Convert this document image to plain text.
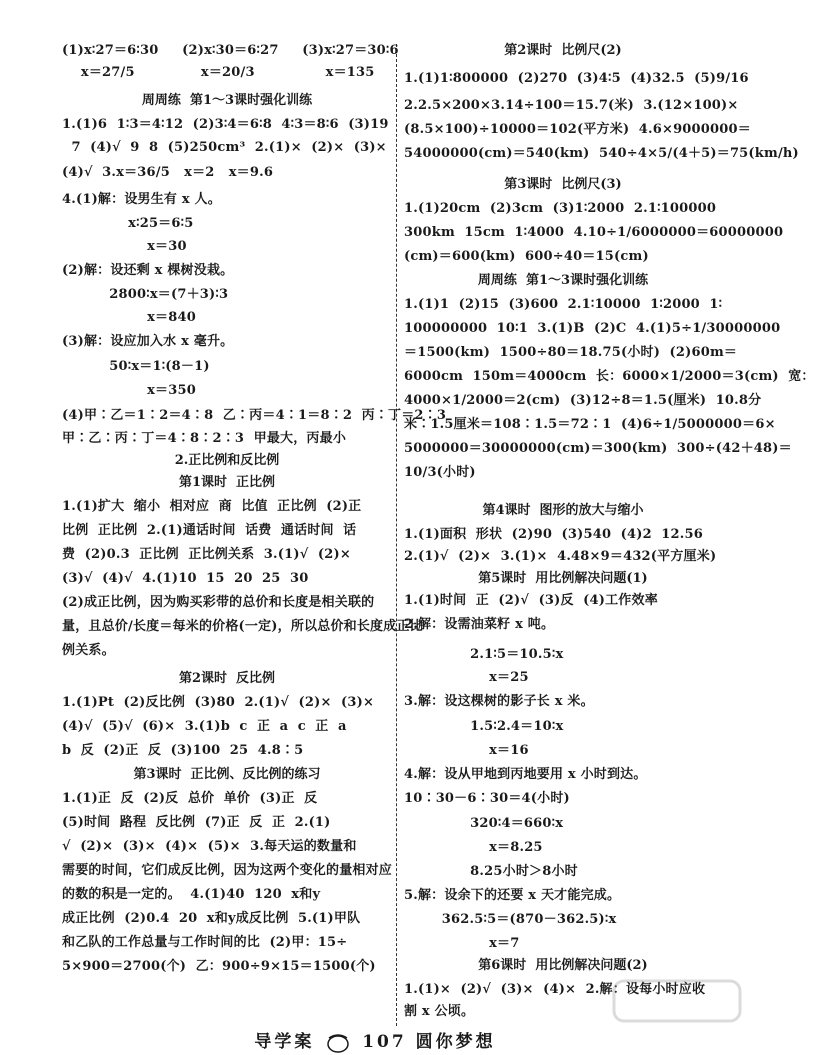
(1)x∶27＝6∶30     (2)x∶30＝6∶27     (3)x∶27＝30∶6
x＝27/5              x＝20/3               x＝135
周周练  第1～3课时强化训练
1.(1)6  1∶3＝4∶12  (2)3∶4＝6∶8  4∶3＝8∶6  (3)19
7  (4)√  9  8  (5)250cm³  2.(1)×  (2)×  (3)×
(4)√  3.x＝36/5   x＝2   x＝9.6
4.(1)解：设男生有 x 人。
x∶25＝6∶5
x＝30
(2)解：设还剩 x 棵树没栽。
2800∶x＝(7＋3)∶3
x＝840
(3)解：设应加入水 x 毫升。
50∶x＝1∶(8－1)
x＝350
(4)甲∶乙＝1∶2＝4∶8  乙∶丙＝4∶1＝8∶2  丙∶丁＝2∶3
甲∶乙∶丙∶丁＝4∶8∶2∶3  甲最大，丙最小
2.正比例和反比例
第1课时  正比例
1.(1)扩大  缩小  相对应  商  比值  正比例  (2)正
比例  正比例  2.(1)通话时间  话费  通话时间  话
费  (2)0.3  正比例  正比例关系  3.(1)√  (2)×
(3)√  (4)√  4.(1)10  15  20  25  30
(2)成正比例，因为购买彩带的总价和长度是相关联的
量，且总价/长度＝每米的价格(一定)，所以总价和长度成正比
例关系。
第2课时  反比例
1.(1)Pt  (2)反比例  (3)80  2.(1)√  (2)×  (3)×
(4)√  (5)√  (6)×  3.(1)b  c  正  a  c  正  a
b  反  (2)正  反  (3)100  25  4.8∶5
第3课时  正比例、反比例的练习
1.(1)正  反  (2)反  总价  单价  (3)正  反
(5)时间  路程  反比例  (7)正  反  正  2.(1)
√  (2)×  (3)×  (4)×  (5)×  3.每天运的数量和
需要的时间，它们成反比例，因为这两个变化的量相对应
的数的积是一定的。  4.(1)40  120  x和y
成正比例  (2)0.4  20  x和y成反比例  5.(1)甲队
和乙队的工作总量与工作时间的比  (2)甲：15÷
5×900＝2700(个)  乙：900÷9×15＝1500(个)
第2课时  比例尺(2)
1.(1)1∶800000  (2)270  (3)4∶5  (4)32.5  (5)9/16
2.2.5×200×3.14÷100＝15.7(米)  3.(12×100)×
(8.5×100)÷10000＝102(平方米)  4.6×9000000＝
54000000(cm)＝540(km)  540÷4×5/(4＋5)＝75(km/h)
第3课时  比例尺(3)
1.(1)20cm  (2)3cm  (3)1∶2000  2.1∶100000
300km  15cm  1∶4000  4.10÷1/6000000＝60000000
(cm)＝600(km)  600÷40＝15(cm)
周周练  第1～3课时强化训练
1.(1)1  (2)15  (3)600  2.1∶10000  1∶2000  1∶
100000000  10∶1  3.(1)B  (2)C  4.(1)5÷1/30000000
＝1500(km)  1500÷80＝18.75(小时)  (2)60m＝
6000cm  150m＝4000cm  长：6000×1/2000＝3(cm)  宽：
4000×1/2000＝2(cm)  (3)12÷8＝1.5(厘米)  10.8分
米∶1.5厘米＝108∶1.5＝72∶1  (4)6÷1/5000000＝6×
5000000＝30000000(cm)＝300(km)  300÷(42＋48)＝
10/3(小时)
第4课时  图形的放大与缩小
1.(1)面积  形状  (2)90  (3)540  (4)2  12.56
2.(1)√  (2)×  3.(1)×  4.48×9＝432(平方厘米)
第5课时  用比例解决问题(1)
1.(1)时间  正  (2)√  (3)反  (4)工作效率
2.解：设需油菜籽 x 吨。
2.1∶5＝10.5∶x
x＝25
3.解：设这棵树的影子长 x 米。
1.5∶2.4＝10∶x
x＝16
4.解：设从甲地到丙地要用 x 小时到达。
10∶30－6∶30＝4(小时)
320∶4＝660∶x
x＝8.25
8.25小时＞8小时
5.解：设余下的还要 x 天才能完成。
362.5∶5＝(870－362.5)∶x
x＝7
第6课时  用比例解决问题(2)
1.(1)×  (2)√  (3)×  (4)×  2.解：设每小时应收
割 x 公顷。
导学案	107 圆你梦想
